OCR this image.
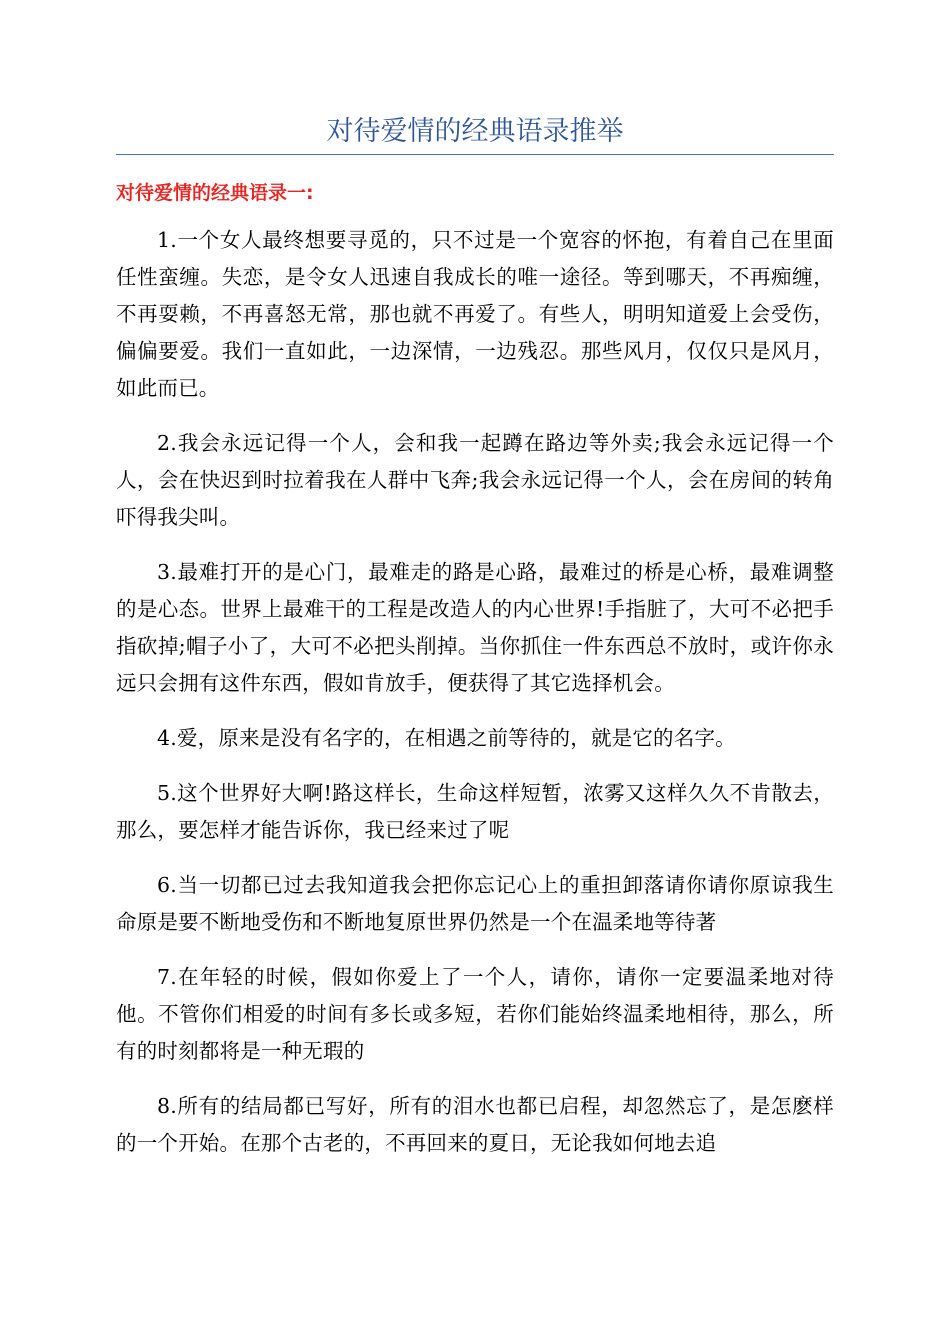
对待爱情的经典语录推举
对待爱情的经典语录一:

1.一个女人最终想要寻觅的，只不过是一个宽容的怀抱，有着自己在里面任性蛮缠。失恋，是令女人迅速自我成长的唯一途径。等到哪天，不再痴缠，不再耍赖，不再喜怒无常，那也就不再爱了。有些人，明明知道爱上会受伤，偏偏要爱。我们一直如此，一边深情，一边残忍。那些风月，仅仅只是风月，如此而已。

2.我会永远记得一个人，会和我一起蹲在路边等外卖;我会永远记得一个人，会在快迟到时拉着我在人群中飞奔;我会永远记得一个人，会在房间的转角吓得我尖叫。

3.最难打开的是心门，最难走的路是心路，最难过的桥是心桥，最难调整的是心态。世界上最难干的工程是改造人的内心世界!手指脏了，大可不必把手指砍掉;帽子小了，大可不必把头削掉。当你抓住一件东西总不放时，或许你永远只会拥有这件东西，假如肯放手，便获得了其它选择机会。

4.爱，原来是没有名字的，在相遇之前等待的，就是它的名字。

5.这个世界好大啊!路这样长，生命这样短暂，浓雾又这样久久不肯散去，那么，要怎样才能告诉你，我已经来过了呢

6.当一切都已过去我知道我会把你忘记心上的重担卸落请你请你原谅我生命原是要不断地受伤和不断地复原世界仍然是一个在温柔地等待著

7.在年轻的时候，假如你爱上了一个人，请你，请你一定要温柔地对待他。不管你们相爱的时间有多长或多短，若你们能始终温柔地相待，那么，所有的时刻都将是一种无瑕的

8.所有的结局都已写好，所有的泪水也都已启程，却忽然忘了，是怎麽样的一个开始。在那个古老的，不再回来的夏日，无论我如何地去追
